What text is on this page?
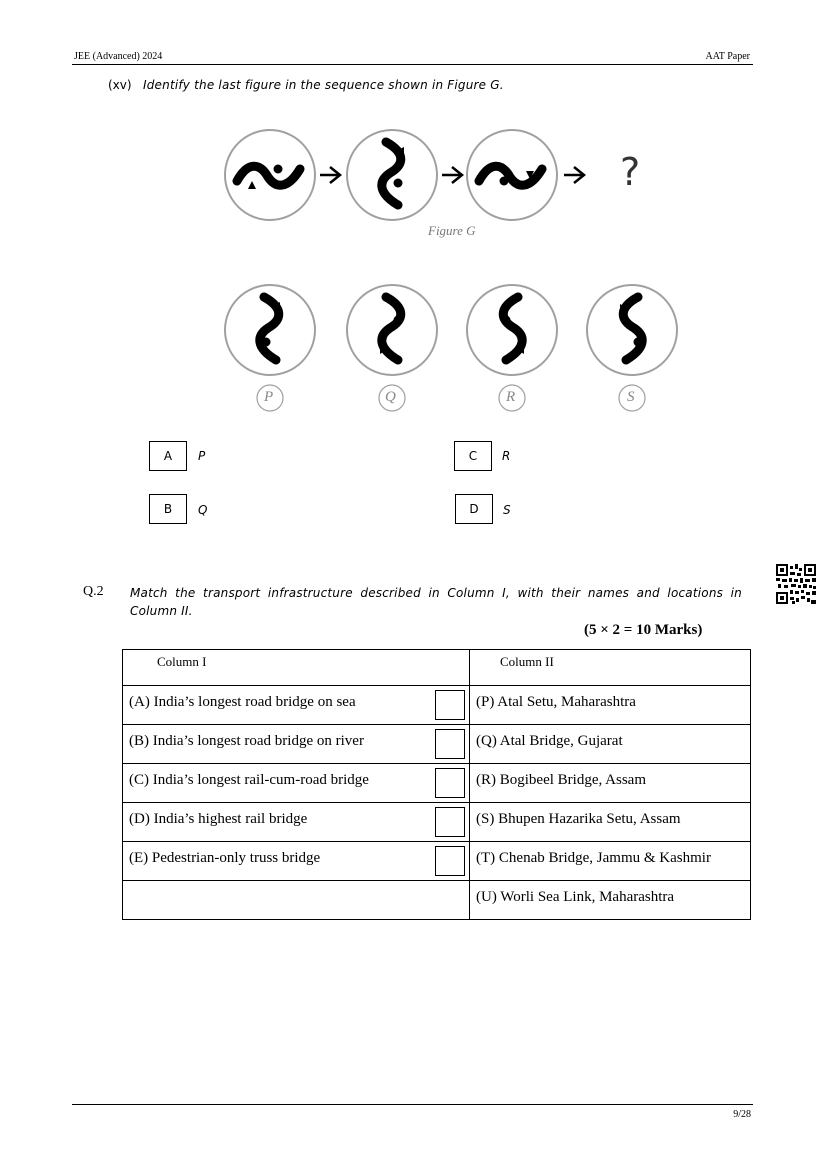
JEE (Advanced) 2024	AAT Paper
(xv) Identify the last figure in the sequence shown in Figure G.
?
Figure G
P	Q	R	S
A	P	C	R
B	Q	D	S
Q.2 Match the transport infrastructure described in Column I, with their names and locations in
Column II.
(5 × 2 = 10 Marks)
Column I	Column II

(A) India’s longest road bridge on sea	(P) Atal Setu, Maharashtra

(B) India’s longest road bridge on river	(Q) Atal Bridge, Gujarat

(C) India’s longest rail-cum-road bridge	(R) Bogibeel Bridge, Assam

(D) India’s highest rail bridge	(S) Bhupen Hazarika Setu, Assam

(E) Pedestrian-only truss bridge	(T) Chenab Bridge, Jammu & Kashmir

	(U) Worli Sea Link, Maharashtra
9/28
